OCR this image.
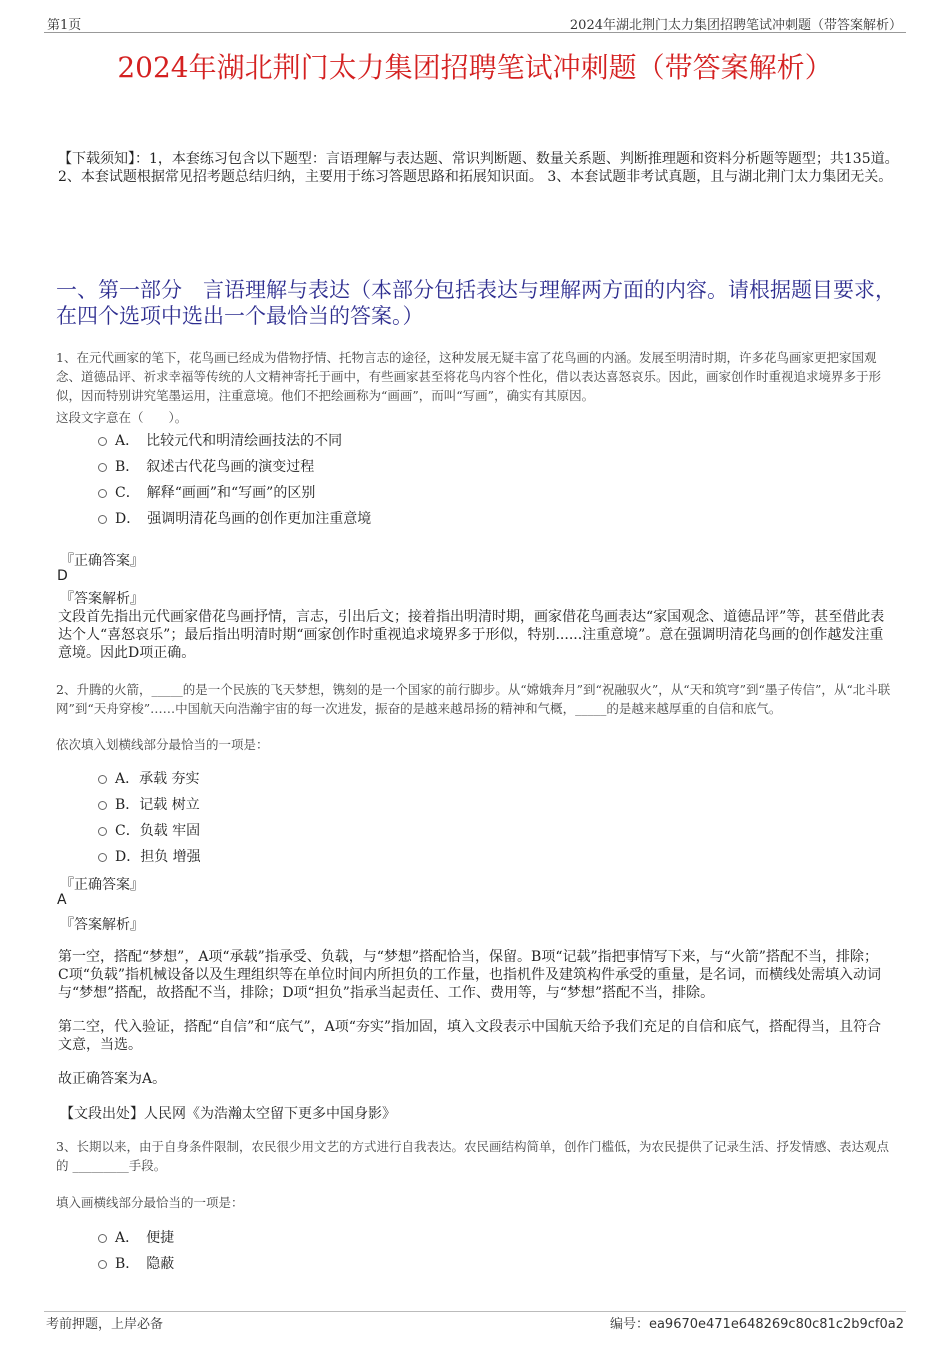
第1页	2024年湖北荆门太力集团招聘笔试冲刺题（带答案解析）
2024年湖北荆门太力集团招聘笔试冲刺题（带答案解析）
【下载须知】：1，本套练习包含以下题型：言语理解与表达题、常识判断题、数量关系题、判断推理题和资料分析题等题型；共135道。 2、本套试题根据常见招考题总结归纳，主要用于练习答题思路和拓展知识面。 3、本套试题非考试真题，且与湖北荆门太力集团无关。
一、第一部分　言语理解与表达（本部分包括表达与理解两方面的内容。请根据题目要求，在四个选项中选出一个最恰当的答案。）
1、在元代画家的笔下，花鸟画已经成为借物抒情、托物言志的途径，这种发展无疑丰富了花鸟画的内涵。发展至明清时期，许多花鸟画家更把家国观念、道德品评、祈求幸福等传统的人文精神寄托于画中，有些画家甚至将花鸟内容个性化，借以表达喜怒哀乐。因此，画家创作时重视追求境界多于形似，因而特别讲究笔墨运用，注重意境。他们不把绘画称为“画画”，而叫“写画”，确实有其原因。
这段文字意在（　　）。
A．　比较元代和明清绘画技法的不同
B．　叙述古代花鸟画的演变过程
C．　解释“画画”和“写画”的区别
D．　强调明清花鸟画的创作更加注重意境
『正确答案』
D
『答案解析』
文段首先指出元代画家借花鸟画抒情，言志，引出后文；接着指出明清时期，画家借花鸟画表达“家国观念、道德品评”等，甚至借此表达个人“喜怒哀乐”；最后指出明清时期“画家创作时重视追求境界多于形似，特别......注重意境”。意在强调明清花鸟画的创作越发注重意境。因此D项正确。
2、升腾的火箭，_____的是一个民族的飞天梦想，镌刻的是一个国家的前行脚步。从“嫦娥奔月”到“祝融驭火”，从“天和筑穹”到“墨子传信”，从“北斗联网”到“天舟穿梭”……中国航天向浩瀚宇宙的每一次进发，振奋的是越来越昂扬的精神和气概，_____的是越来越厚重的自信和底气。
依次填入划横线部分最恰当的一项是：
A．承载 夯实
B．记载 树立
C．负载 牢固
D．担负 增强
『正确答案』
A
『答案解析』
第一空，搭配“梦想”，A项“承载”指承受、负载，与“梦想”搭配恰当，保留。B项“记载”指把事情写下来，与“火箭”搭配不当，排除；C项“负载”指机械设备以及生理组织等在单位时间内所担负的工作量，也指机件及建筑构件承受的重量，是名词，而横线处需填入动词与“梦想”搭配，故搭配不当，排除；D项“担负”指承当起责任、工作、费用等，与“梦想”搭配不当，排除。
第二空，代入验证，搭配“自信”和“底气”，A项“夯实”指加固，填入文段表示中国航天给予我们充足的自信和底气，搭配得当，且符合文意，当选。
故正确答案为A。
【文段出处】人民网《为浩瀚太空留下更多中国身影》
3、长期以来，由于自身条件限制，农民很少用文艺的方式进行自我表达。农民画结构简单，创作门槛低，为农民提供了记录生活、抒发情感、表达观点的 _________手段。
填入画横线部分最恰当的一项是：
A．　便捷
B．　隐蔽
考前押题，上岸必备	编号：ea9670e471e648269c80c81c2b9cf0a2
